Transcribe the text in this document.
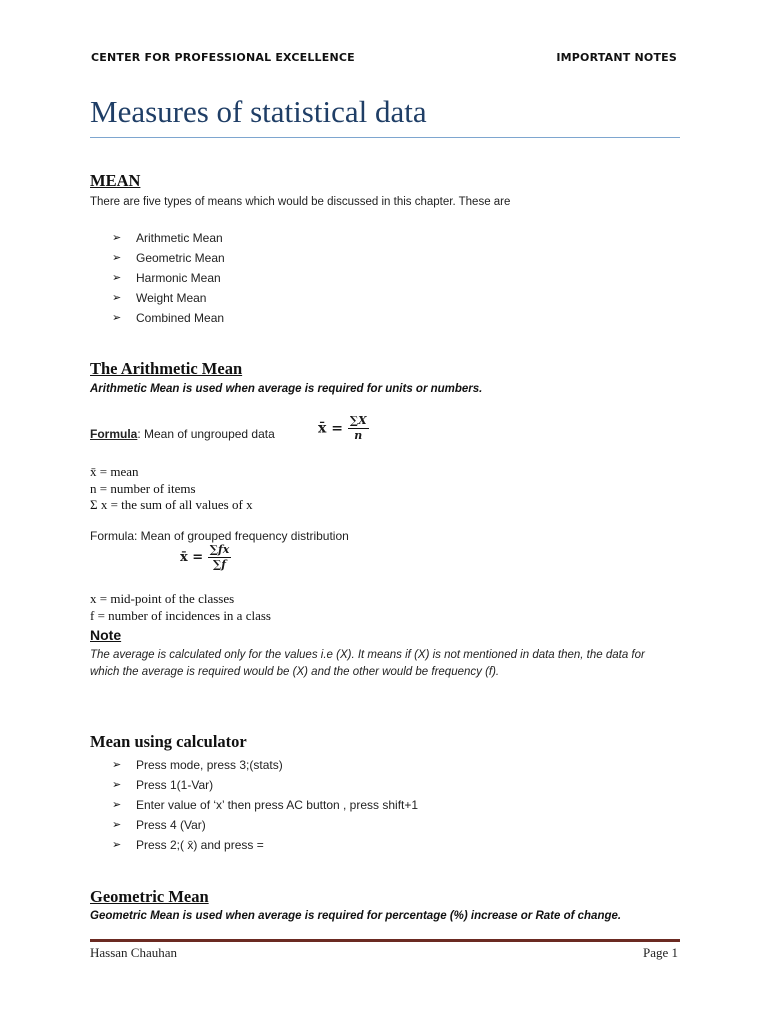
CENTER FOR PROFESSIONAL EXCELLENCE	IMPORTANT NOTES
Measures of statistical data
MEAN
There are five types of means which would be discussed in this chapter. These are
➢ Arithmetic Mean
➢ Geometric Mean
➢ Harmonic Mean
➢ Weight Mean
➢ Combined Mean
The Arithmetic Mean
Arithmetic Mean is used when average is required for units or numbers.
Formula: Mean of ungrouped data	x̄ = $\frac{\sum X}{n}$
x̄ = mean
n = number of items
Σ x = the sum of all values of x
Formula: Mean of grouped frequency distribution
x̄ = $\frac{\sum fx}{\sum f}$
x = mid-point of the classes
f = number of incidences in a class
Note
The average is calculated only for the values i.e (X). It means if (X) is not mentioned in data then, the data for which the average is required would be (X) and the other would be frequency (f).
Mean using calculator
➢ Press mode, press 3;(stats)
➢ Press 1(1-Var)
➢ Enter value of ‘x’ then press AC button , press shift+1
➢ Press 4 (Var)
➢ Press 2;( x̄) and press =
Geometric Mean
Geometric Mean is used when average is required for percentage (%) increase or Rate of change.
Hassan Chauhan	Page 1
